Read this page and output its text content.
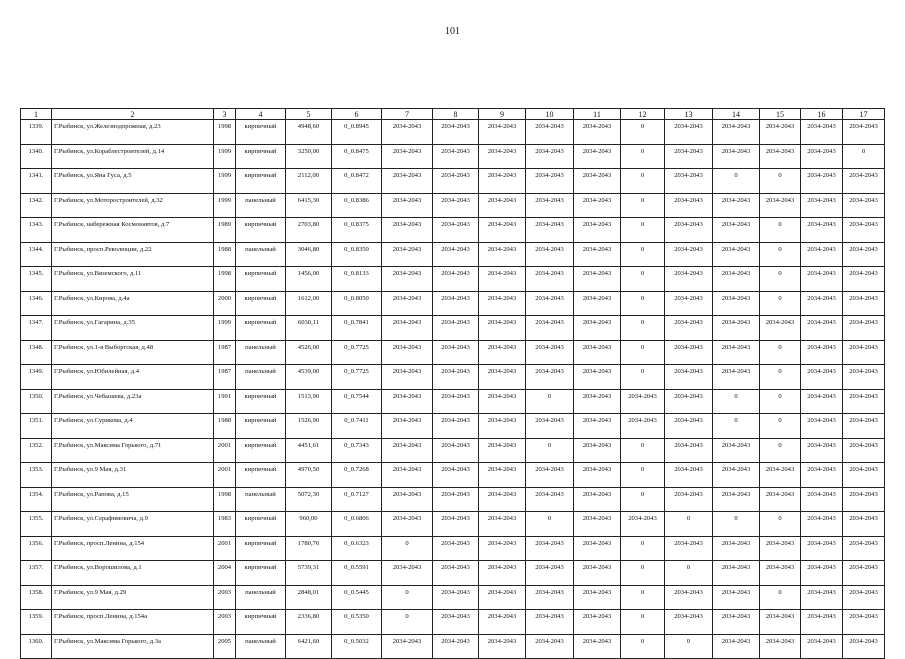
101
1	2	3	4	5	6	7	8	9	10	11	12	13	14	15	16	17
1339.	Г.Рыбинск, ул.Железнодорожная, д.23	1998	кирпичный	4948,60	0_0.8945	2034-2043	2034-2043	2034-2043	2034-2043	2034-2043	0	2034-2043	2034-2043	2034-2043	2034-2043	2034-2043
1340.	Г.Рыбинск, ул.Кораблестроителей, д.14	1999	кирпичный	3250,00	0_0.8475	2034-2043	2034-2043	2034-2043	2034-2043	2034-2043	0	2034-2043	2034-2043	2034-2043	2034-2043	0
1341.	Г.Рыбинск, ул.Яна Гуса, д.5	1999	кирпичный	2112,00	0_0.8472	2034-2043	2034-2043	2034-2043	2034-2043	2034-2043	0	2034-2043	0	0	2034-2043	2034-2043
1342.	Г.Рыбинск, ул.Моторостроителей, д.32	1999	панельный	6415,30	0_0.8386	2034-2043	2034-2043	2034-2043	2034-2043	2034-2043	0	2034-2043	2034-2043	2034-2043	2034-2043	2034-2043
1343.	Г.Рыбинск, набережная Космонавтов, д.7	1989	кирпичный	2703,80	0_0.8375	2034-2043	2034-2043	2034-2043	2034-2043	2034-2043	0	2034-2043	2034-2043	0	2034-2043	2034-2043
1344.	Г.Рыбинск, просп.Революции, д.22	1988	панельный	3046,80	0_0.8350	2034-2043	2034-2043	2034-2043	2034-2043	2034-2043	0	2034-2043	2034-2043	0	2034-2043	2034-2043
1345.	Г.Рыбинск, ул.Вяземского, д.11	1998	кирпичный	1456,00	0_0.8133	2034-2043	2034-2043	2034-2043	2034-2043	2034-2043	0	2034-2043	2034-2043	0	2034-2043	2034-2043
1346.	Г.Рыбинск, ул.Кирова, д.4а	2000	кирпичный	1612,00	0_0.8050	2034-2043	2034-2043	2034-2043	2034-2043	2034-2043	0	2034-2043	2034-2043	0	2034-2043	2034-2043
1347.	Г.Рыбинск, ул.Гагарина, д.35	1999	кирпичный	6030,11	0_0.7841	2034-2043	2034-2043	2034-2043	2034-2043	2034-2043	0	2034-2043	2034-2043	2034-2043	2034-2043	2034-2043
1348.	Г.Рыбинск, ул.1-я Выборгская, д.48	1987	панельный	4526,00	0_0.7725	2034-2043	2034-2043	2034-2043	2034-2043	2034-2043	0	2034-2043	2034-2043	0	2034-2043	2034-2043
1349.	Г.Рыбинск, ул.Юбилейная, д.4	1987	панельный	4539,00	0_0.7725	2034-2043	2034-2043	2034-2043	2034-2043	2034-2043	0	2034-2043	2034-2043	0	2034-2043	2034-2043
1350.	Г.Рыбинск, ул.Чебышева, д.23а	1991	кирпичный	1513,90	0_0.7544	2034-2043	2034-2043	2034-2043	0	2034-2043	2034-2043	2034-2043	0	0	2034-2043	2034-2043
1351.	Г.Рыбинск, ул.Сурикова, д.4	1988	кирпичный	1526,90	0_0.7411	2034-2043	2034-2043	2034-2043	2034-2043	2034-2043	2034-2043	2034-2043	0	0	2034-2043	2034-2043
1352.	Г.Рыбинск, ул.Максима Горького, д.71	2001	кирпичный	4451,61	0_0.7343	2034-2043	2034-2043	2034-2043	0	2034-2043	0	2034-2043	2034-2043	0	2034-2043	2034-2043
1353.	Г.Рыбинск, ул.9 Мая, д.31	2001	кирпичный	4970,50	0_0.7268	2034-2043	2034-2043	2034-2043	2034-2043	2034-2043	0	2034-2043	2034-2043	2034-2043	2034-2043	2034-2043
1354.	Г.Рыбинск, ул.Рапова, д.15	1998	панельный	5072,30	0_0.7127	2034-2043	2034-2043	2034-2043	2034-2043	2034-2043	0	2034-2043	2034-2043	2034-2043	2034-2043	2034-2043
1355.	Г.Рыбинск, ул.Серафимовича, д.9	1983	кирпичный	960,00	0_0.6806	2034-2043	2034-2043	2034-2043	0	2034-2043	2034-2043	0	0	0	2034-2043	2034-2043
1356.	Г.Рыбинск, просп.Ленина, д.154	2001	кирпичный	1780,70	0_0.6323	0	2034-2043	2034-2043	2034-2043	2034-2043	0	2034-2043	2034-2043	2034-2043	2034-2043	2034-2043
1357.	Г.Рыбинск, ул.Ворошилова, д.1	2004	кирпичный	5739,31	0_0.5591	2034-2043	2034-2043	2034-2043	2034-2043	2034-2043	0	0	2034-2043	2034-2043	2034-2043	2034-2043
1358.	Г.Рыбинск, ул.9 Мая, д.29	2003	панельный	2848,01	0_0.5445	0	2034-2043	2034-2043	2034-2043	2034-2043	0	2034-2043	2034-2043	0	2034-2043	2034-2043
1359.	Г.Рыбинск, просп.Ленина, д.154а	2003	кирпичный	2336,80	0_0.5350	0	2034-2043	2034-2043	2034-2043	2034-2043	0	2034-2043	2034-2043	2034-2043	2034-2043	2034-2043
1360.	Г.Рыбинск, ул.Максима Горького, д.3а	2005	панельный	6421,60	0_0.5032	2034-2043	2034-2043	2034-2043	2034-2043	2034-2043	0	0	2034-2043	2034-2043	2034-2043	2034-2043
